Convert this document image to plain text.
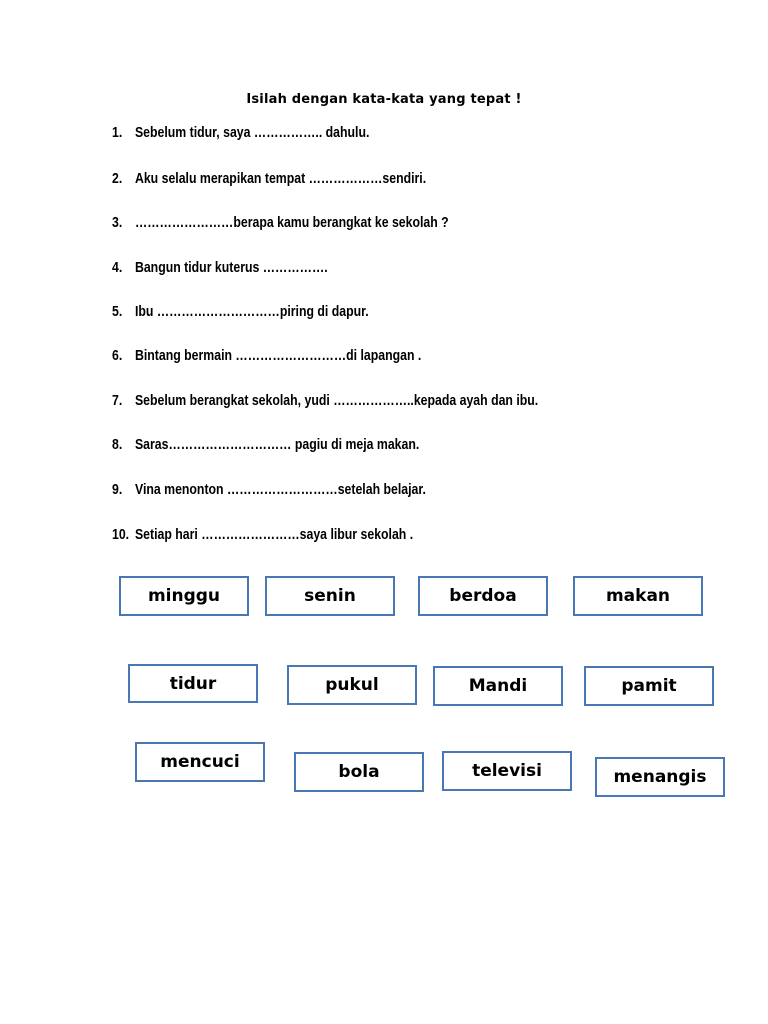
Isilah dengan kata-kata yang tepat !
1. Sebelum tidur, saya …………….. dahulu.
2. Aku selalu merapikan tempat ………………sendiri.
3.……………………berapa kamu berangkat ke sekolah ?
4. Bangun tidur kuterus …………….
5. Ibu …………………………piring di dapur.
6. Bintang bermain ………………………di lapangan .
7. Sebelum berangkat sekolah, yudi ………………..kepada ayah dan ibu.
8. Saras………………………… pagiu di meja makan.
9. Vina menonton ………………………setelah belajar.
10. Setiap hari ……………………saya libur sekolah .
minggu	senin	berdoa	makan
tidur	pukul	Mandi	pamit
mencuci	bola	televisi	menangis
